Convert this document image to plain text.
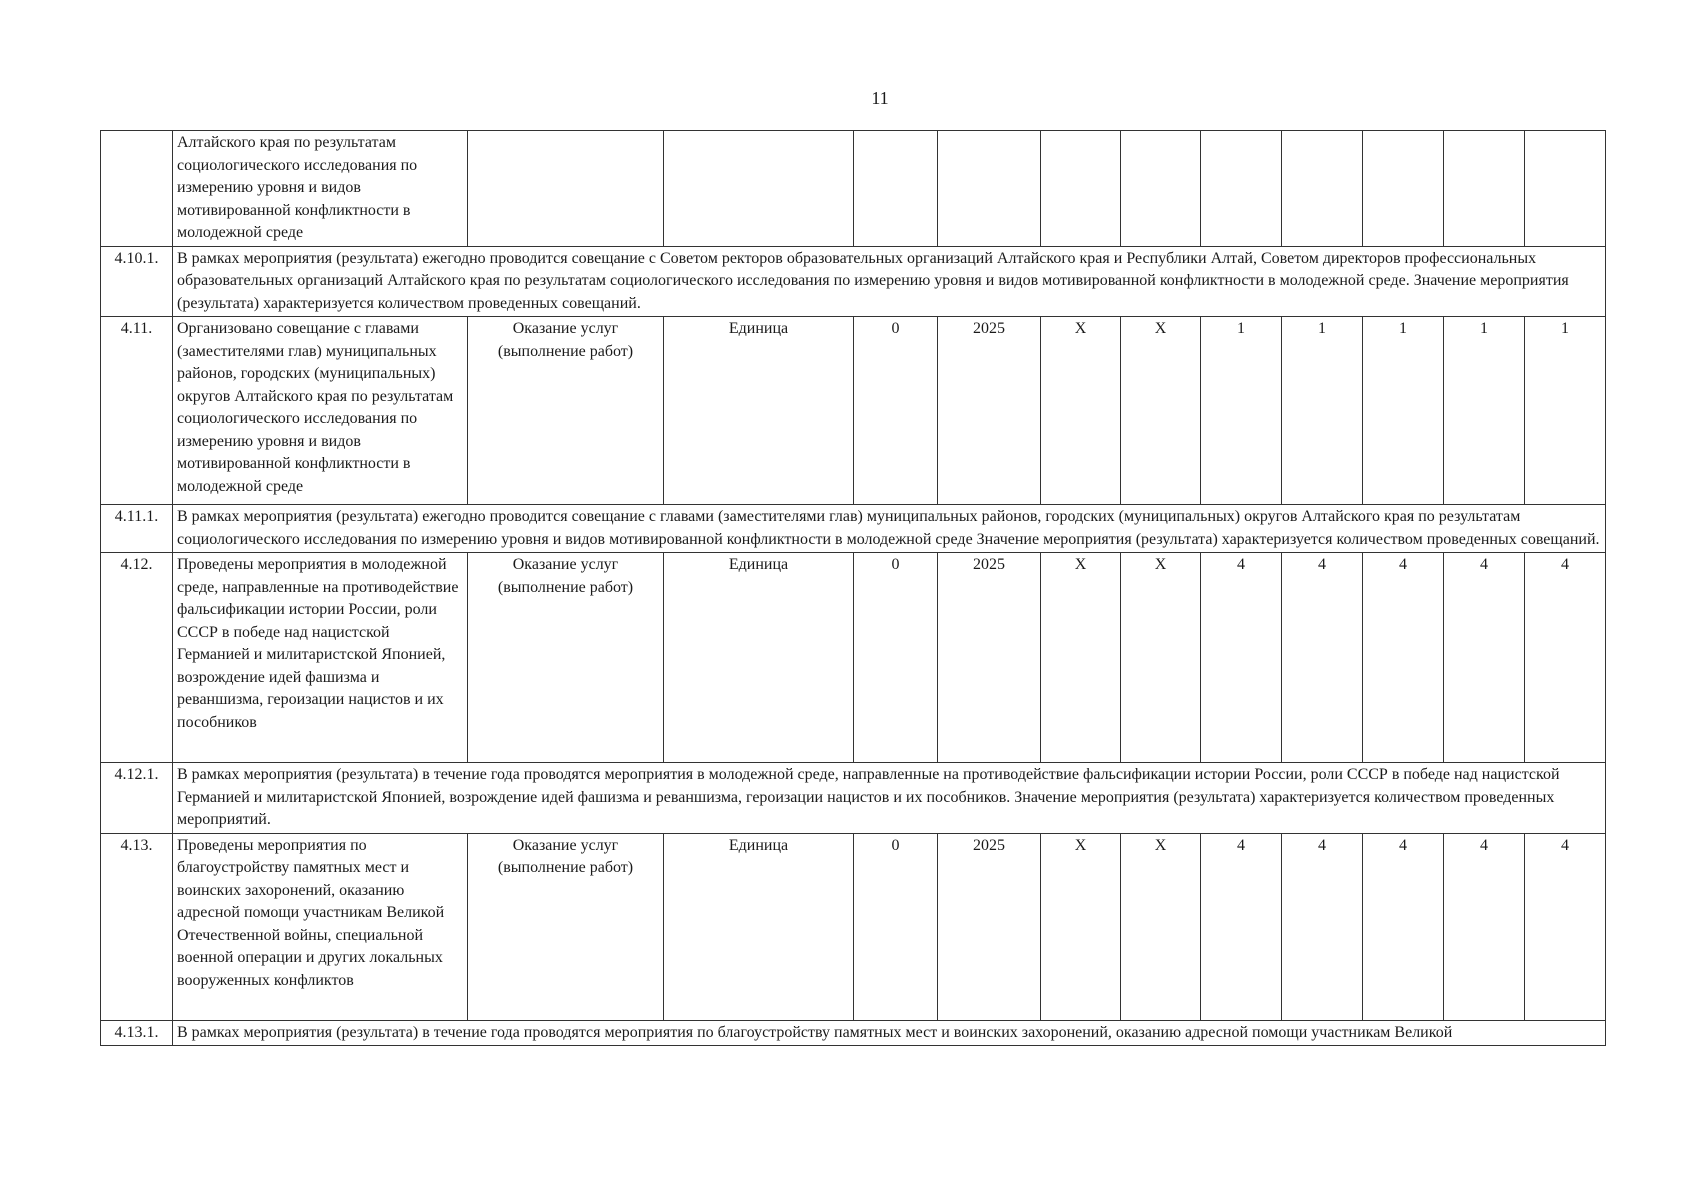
11
	Алтайского края по результатам социологического исследования по измерению уровня и видов мотивированной конфликтности в молодежной среде											
4.10.1.	В рамках мероприятия (результата) ежегодно проводится совещание с Советом ректоров образовательных организаций Алтайского края и Республики Алтай, Советом директоров профессиональных образовательных организаций Алтайского края по результатам социологического исследования по измерению уровня и видов мотивированной конфликтности в молодежной среде. Значение мероприятия (результата) характеризуется количеством проведенных совещаний.											
4.11.	Организовано совещание с главами (заместителями глав) муниципальных районов, городских (муниципальных) округов Алтайского края по результатам социологического исследования по измерению уровня и видов мотивированной конфликтности в молодежной среде	Оказание услуг (выполнение работ)	Единица	0	2025	X	X	1	1	1	1	1
4.11.1.	В рамках мероприятия (результата) ежегодно проводится совещание с главами (заместителями глав) муниципальных районов, городских (муниципальных) округов Алтайского края по результатам социологического исследования по измерению уровня и видов мотивированной конфликтности в молодежной среде Значение мероприятия (результата) характеризуется количеством проведенных совещаний.											
4.12.	Проведены мероприятия в молодежной среде, направленные на противодействие фальсификации истории России, роли СССР в победе над нацистской Германией и милитаристской Японией, возрождение идей фашизма и реваншизма, героизации нацистов и их пособников	Оказание услуг (выполнение работ)	Единица	0	2025	X	X	4	4	4	4	4
4.12.1.	В рамках мероприятия (результата) в течение года проводятся мероприятия в молодежной среде, направленные на противодействие фальсификации истории России, роли СССР в победе над нацистской Германией и милитаристской Японией, возрождение идей фашизма и реваншизма, героизации нацистов и их пособников. Значение мероприятия (результата) характеризуется количеством проведенных мероприятий.											
4.13.	Проведены мероприятия по благоустройству памятных мест и воинских захоронений, оказанию адресной помощи участникам Великой Отечественной войны, специальной военной операции и других локальных вооруженных конфликтов	Оказание услуг (выполнение работ)	Единица	0	2025	X	X	4	4	4	4	4
4.13.1.	В рамках мероприятия (результата) в течение года проводятся мероприятия по благоустройству памятных мест и воинских захоронений, оказанию адресной помощи участникам Великой											
